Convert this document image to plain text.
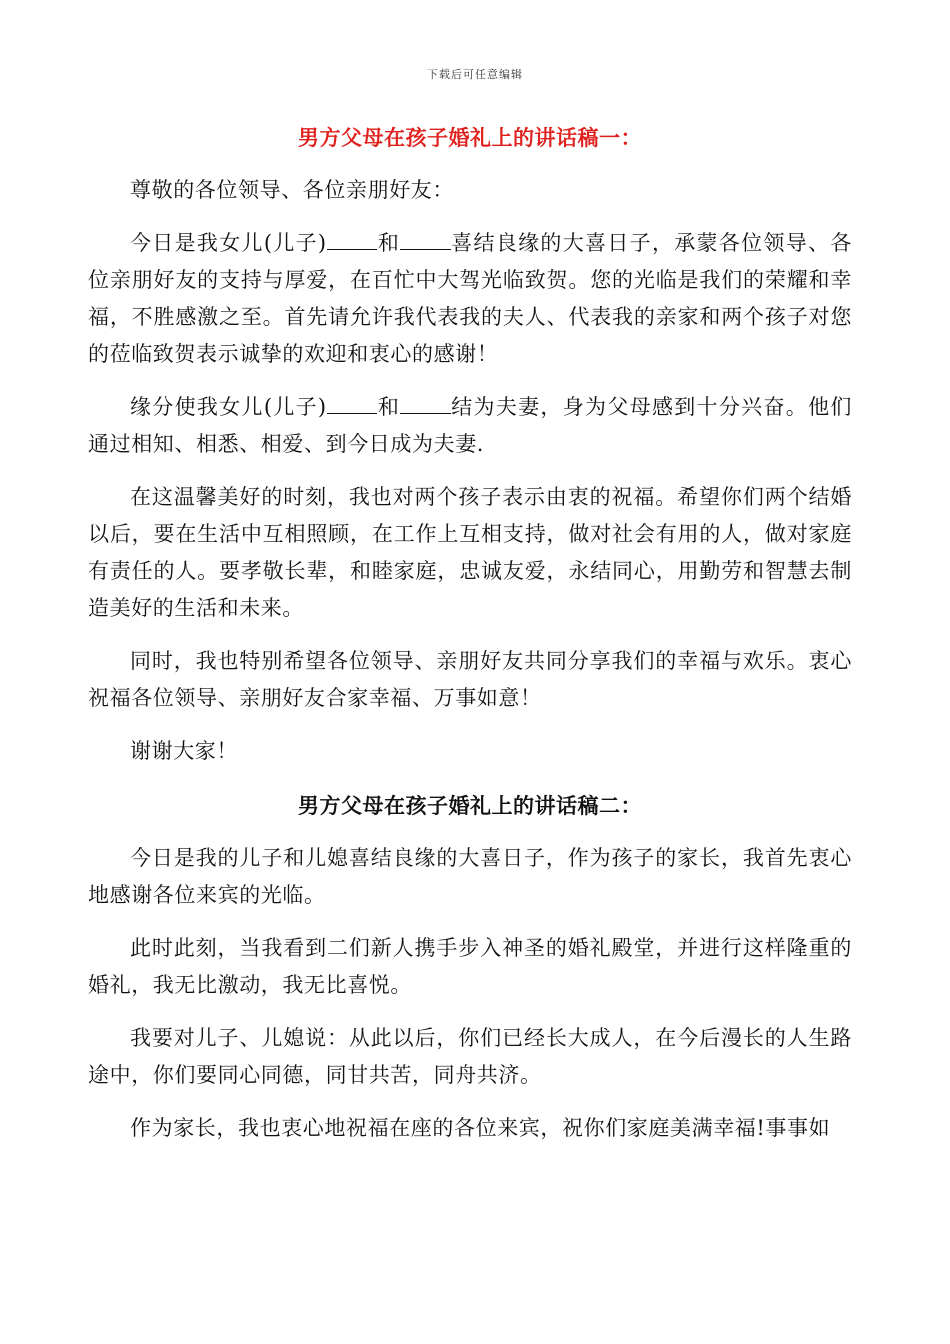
下载后可任意编辑
男方父母在孩子婚礼上的讲话稿一：

尊敬的各位领导、各位亲朋好友：

今日是我女儿(儿子) 和 喜结良缘的大喜日子，承蒙各位领导、各位亲朋好友的支持与厚爱，在百忙中大驾光临致贺。您的光临是我们的荣耀和幸福，不胜感激之至。首先请允许我代表我的夫人、代表我的亲家和两个孩子对您的莅临致贺表示诚挚的欢迎和衷心的感谢！

缘分使我女儿(儿子) 和 结为夫妻，身为父母感到十分兴奋。他们通过相知、相悉、相爱、到今日成为夫妻.

在这温馨美好的时刻，我也对两个孩子表示由衷的祝福。希望你们两个结婚以后，要在生活中互相照顾，在工作上互相支持，做对社会有用的人，做对家庭有责任的人。要孝敬长辈，和睦家庭，忠诚友爱，永结同心，用勤劳和智慧去制造美好的生活和未来。

同时，我也特别希望各位领导、亲朋好友共同分享我们的幸福与欢乐。衷心祝福各位领导、亲朋好友合家幸福、万事如意！

谢谢大家！

男方父母在孩子婚礼上的讲话稿二：

今日是我的儿子和儿媳喜结良缘的大喜日子，作为孩子的家长，我首先衷心地感谢各位来宾的光临。

此时此刻，当我看到二们新人携手步入神圣的婚礼殿堂，并进行这样隆重的婚礼，我无比激动，我无比喜悦。

我要对儿子、儿媳说：从此以后，你们已经长大成人，在今后漫长的人生路途中，你们要同心同德，同甘共苦，同舟共济。

作为家长，我也衷心地祝福在座的各位来宾，祝你们家庭美满幸福!事事如
